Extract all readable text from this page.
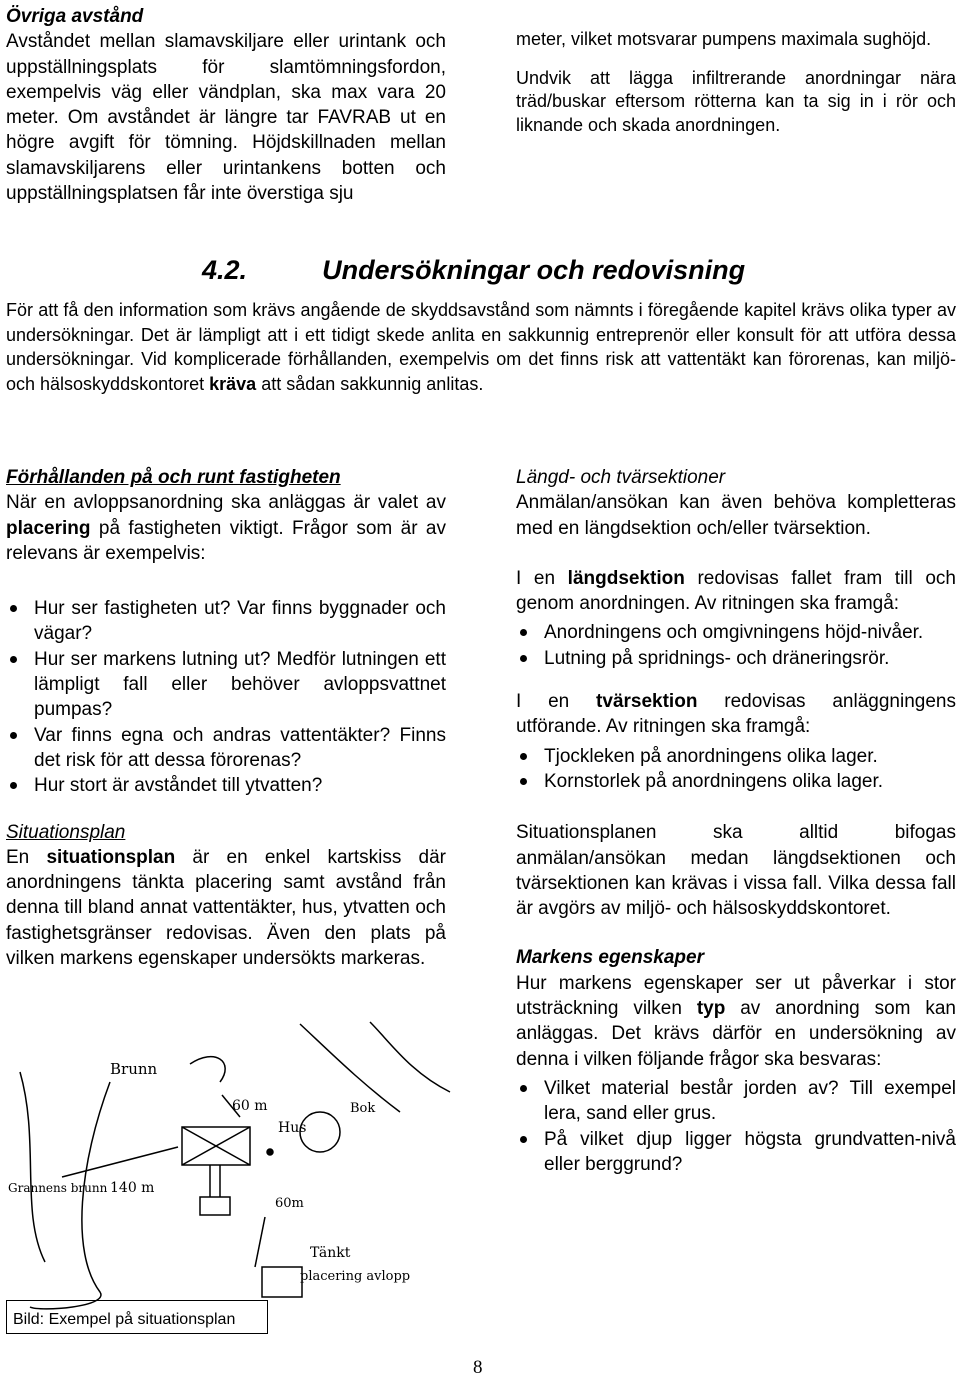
Övriga avstånd
Avståndet mellan slamavskiljare eller urintank och uppställningsplats för slamtömningsfordon, exempelvis väg eller vändplan, ska max vara 20 meter. Om avståndet är längre tar FAVRAB ut en högre avgift för tömning. Höjdskillnaden mellan slamavskiljarens eller urintankens botten och uppställningsplatsen får inte överstiga sju
meter, vilket motsvarar pumpens maximala sughöjd.
Undvik att lägga infiltrerande anordningar nära träd/buskar eftersom rötterna kan ta sig in i rör och liknande och skada anordningen.
4.2.	Undersökningar och redovisning
För att få den information som krävs angående de skyddsavstånd som nämnts i föregående kapitel krävs olika typer av undersökningar. Det är lämpligt att i ett tidigt skede anlita en sakkunnig entreprenör eller konsult för att utföra dessa undersökningar. Vid komplicerade förhållanden, exempelvis om det finns risk att vattentäkt kan förorenas, kan miljö- och hälsoskyddskontoret kräva att sådan sakkunnig anlitas.
Förhållanden på och runt fastigheten
När en avloppsanordning ska anläggas är valet av placering på fastigheten viktigt. Frågor som är av relevans är exempelvis:
Hur ser fastigheten ut? Var finns byggnader och vägar?
Hur ser markens lutning ut? Medför lutningen ett lämpligt fall eller behöver avloppsvattnet pumpas?
Var finns egna och andras vattentäkter? Finns det risk för att dessa förorenas?
Hur stort är avståndet till ytvatten?
Situationsplan
En situationsplan är en enkel kartskiss där anordningens tänkta placering samt avstånd från denna till bland annat vattentäkter, hus, ytvatten och fastighetsgränser redovisas. Även den plats på vilken markens egenskaper undersökts markeras.
Brunn
60 m
Hus
Bok
140 m
Grannens brunn
60m
Tänkt
placering avlopp
Bild: Exempel på situationsplan
Längd- och tvärsektioner
Anmälan/ansökan kan även behöva kompletteras med en längdsektion och/eller tvärsektion.
I en längdsektion redovisas fallet fram till och genom anordningen. Av ritningen ska framgå:
Anordningens och omgivningens höjd-nivåer.
Lutning på spridnings- och dräneringsrör.
I en tvärsektion redovisas anläggningens utförande. Av ritningen ska framgå:
Tjockleken på anordningens olika lager.
Kornstorlek på anordningens olika lager.
Situationsplanen ska alltid bifogas anmälan/ansökan medan längdsektionen och tvärsektionen kan krävas i vissa fall. Vilka dessa fall är avgörs av miljö- och hälsoskyddskontoret.
Markens egenskaper
Hur markens egenskaper ser ut påverkar i stor utsträckning vilken typ av anordning som kan anläggas. Det krävs därför en undersökning av denna i vilken följande frågor ska besvaras:
Vilket material består jorden av? Till exempel lera, sand eller grus.
På vilket djup ligger högsta grundvatten-nivå eller berggrund?
8
